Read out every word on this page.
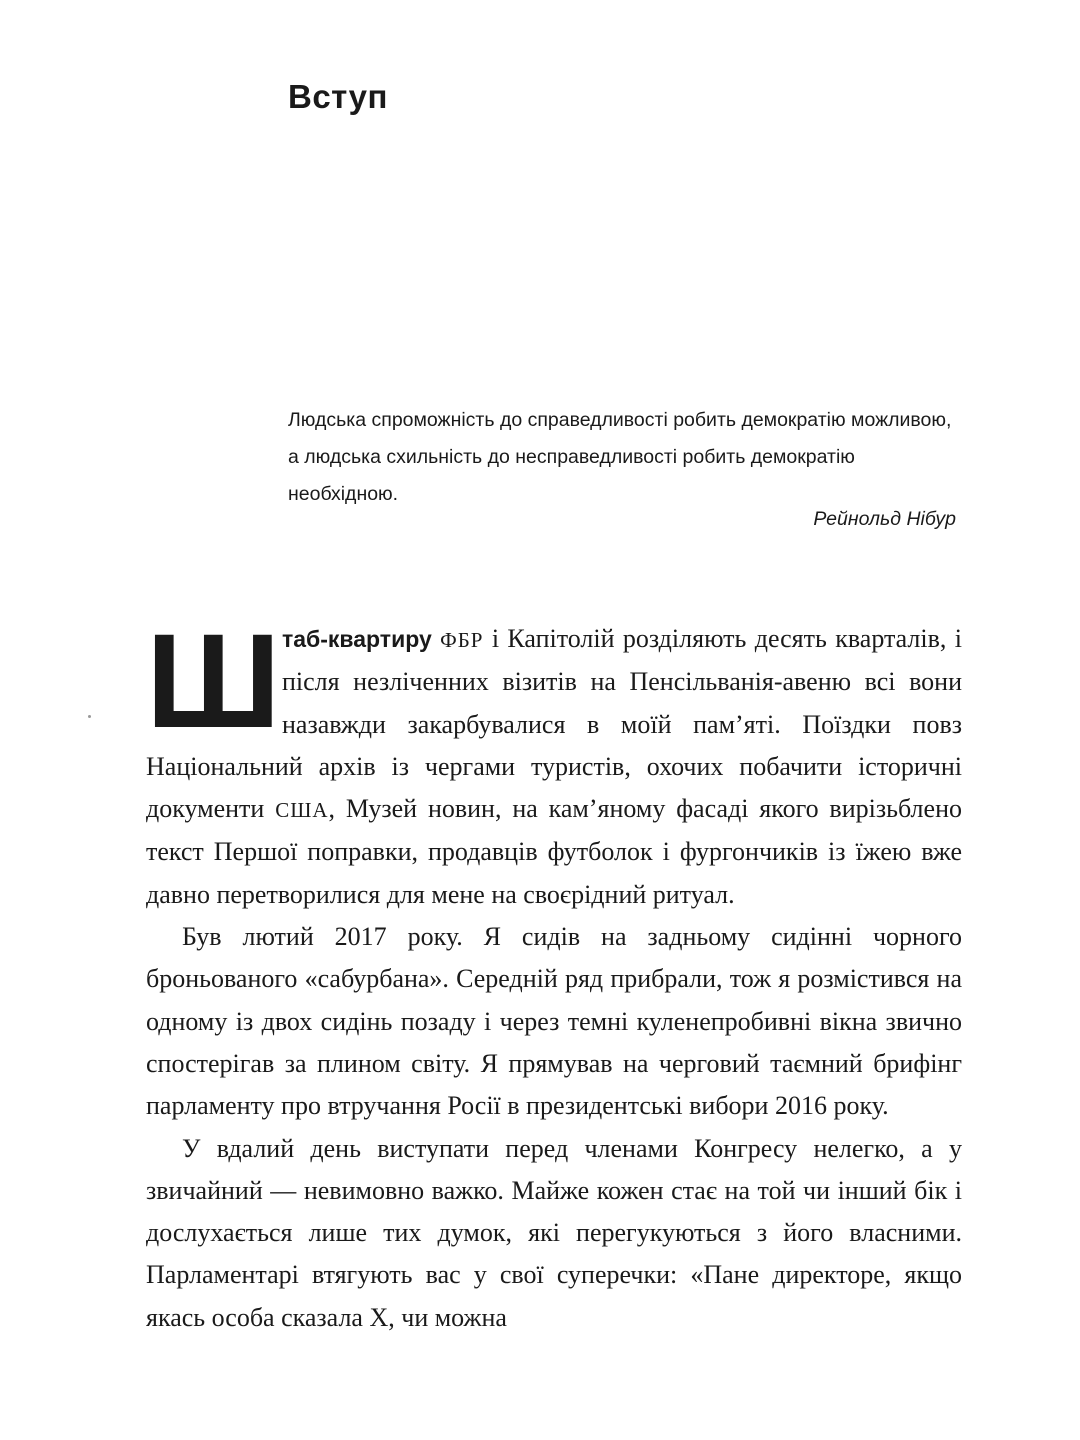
Вступ

Людська спроможність до справедливості робить демократію можливою, а людська схильність до несправедливості робить демократію необхідною.

Рейнольд Нібур

Штаб-квартиру ФБР і Капітолій розділяють десять кварталів, і після незліченних візитів на Пенсільванія-авеню всі вони назавжди закарбувалися в моїй пам’яті. Поїздки повз Національний архів із чергами туристів, охочих побачити історичні документи США, Музей новин, на кам’яному фасаді якого вирізьблено текст Першої поправки, продавців футболок і фургончиків із їжею вже давно перетворилися для мене на своєрідний ритуал.

Був лютий 2017 року. Я сидів на задньому сидінні чорного броньованого «сабурбана». Середній ряд прибрали, тож я розмістився на одному із двох сидінь позаду і через темні куленепробивні вікна звично спостерігав за плином світу. Я прямував на черговий таємний брифінг парламенту про втручання Росії в президентські вибори 2016 року.

У вдалий день виступати перед членами Конгресу нелегко, а у звичайний — невимовно важко. Майже кожен стає на той чи інший бік і дослухається лише тих думок, які перегукуються з його власними. Парламентарі втягують вас у свої суперечки: «Пане директоре, якщо якась особа сказала X, чи можна
